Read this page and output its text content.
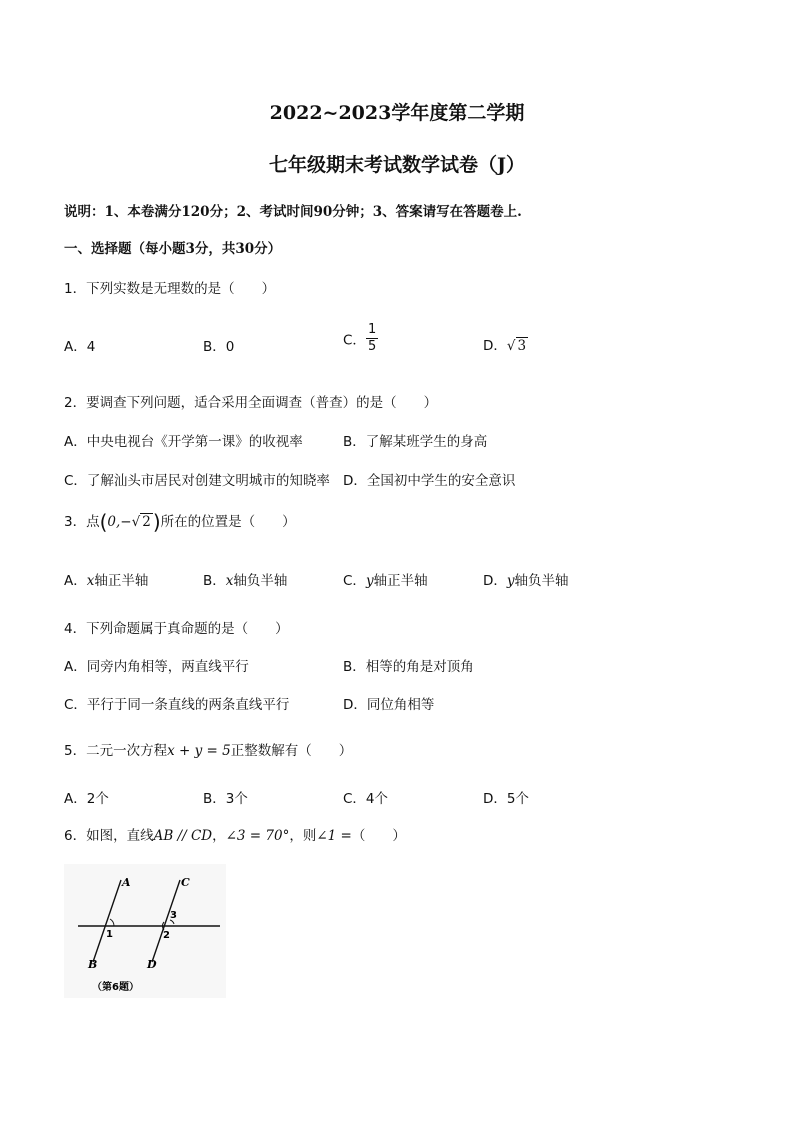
2022~2023学年度第二学期
七年级期末考试数学试卷（J）
说明：1、本卷满分120分；2、考试时间90分钟；3、答案请写在答题卷上.
一、选择题（每小题3分，共30分）
1．下列实数是无理数的是（　　）
A．4	B．0	C． $\frac{1}{5}$	D．√ 3
2．要调查下列问题，适合采用全面调查（普查）的是（　　）
A．中央电视台《开学第一课》的收视率	B．了解某班学生的身高
C．了解汕头市居民对创建文明城市的知晓率 D．全国初中学生的安全意识
3．点(0,−√ 2 )所在的位置是（　　）
A．x轴正半轴	B．x轴负半轴	C．y轴正半轴	D．y轴负半轴
4．下列命题属于真命题的是（　　）
A．同旁内角相等，两直线平行	B．相等的角是对顶角
C．平行于同一条直线的两条直线平行	D．同位角相等
5．二元一次方程x + y = 5正整数解有（　　）
A．2个	B．3个	C．4个	D．5个
6．如图，直线AB // CD，∠3 = 70°，则∠1 =（　　）
A
B
C
D
1	2
3
（第6题）
